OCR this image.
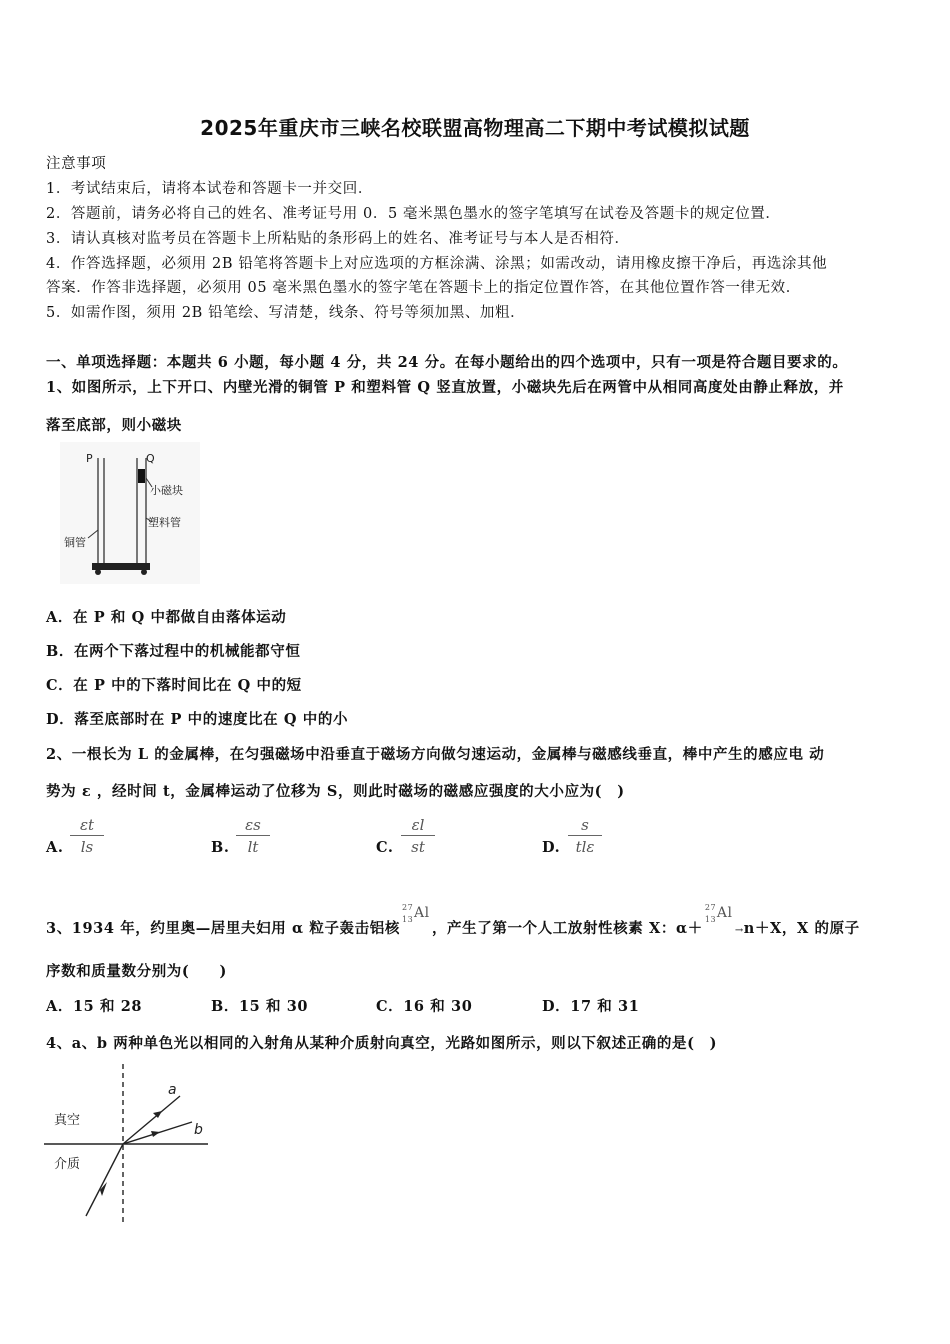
2025年重庆市三峡名校联盟高物理高二下期中考试模拟试题
注意事项
1．考试结束后，请将本试卷和答题卡一并交回．
2．答题前，请务必将自己的姓名、准考证号用 0．5 毫米黑色墨水的签字笔填写在试卷及答题卡的规定位置．
3．请认真核对监考员在答题卡上所粘贴的条形码上的姓名、准考证号与本人是否相符．
4．作答选择题，必须用 2B 铅笔将答题卡上对应选项的方框涂满、涂黑；如需改动，请用橡皮擦干净后，再选涂其他
答案．作答非选择题，必须用 05 毫米黑色墨水的签字笔在答题卡上的指定位置作答，在其他位置作答一律无效．
5．如需作图，须用 2B 铅笔绘、写清楚，线条、符号等须加黑、加粗．
一、单项选择题：本题共 6 小题，每小题 4 分，共 24 分。在每小题给出的四个选项中，只有一项是符合题目要求的。
1、如图所示，上下开口、内壁光滑的铜管 P 和塑料管 Q 竖直放置，小磁块先后在两管中从相同高度处由静止释放，并
落至底部，则小磁块
P	Q
小磁块
塑料管
铜管
A．在 P 和 Q 中都做自由落体运动
B．在两个下落过程中的机械能都守恒
C．在 P 中的下落时间比在 Q 中的短
D．落至底部时在 P 中的速度比在 Q 中的小
2、一根长为 L 的金属棒，在匀强磁场中沿垂直于磁场方向做匀速运动，金属棒与磁感线垂直，棒中产生的感应电 动
势为 ε ，经时间 t，金属棒运动了位移为 S，则此时磁场的磁感应强度的大小应为(　)
A. $\frac{\varepsilon t}{ls}$	B. $\frac{\varepsilon s}{lt}$	C. $\frac{\varepsilon l}{st}$	D.
s
tlε
3、1934 年，约里奥—居里夫妇用 α 粒子轰击铝核
27
13 Al
，产生了第一个人工放射性核素 X：α＋
27
13 Al
→n＋X，X 的原子
序数和质量数分别为(　　)
A．15 和 28	B．15 和 30	C．16 和 30	D．17 和 31
4、a、b 两种单色光以相同的入射角从某种介质射向真空，光路如图所示，则以下叙述正确的是(　)
真空
介质
a
b
